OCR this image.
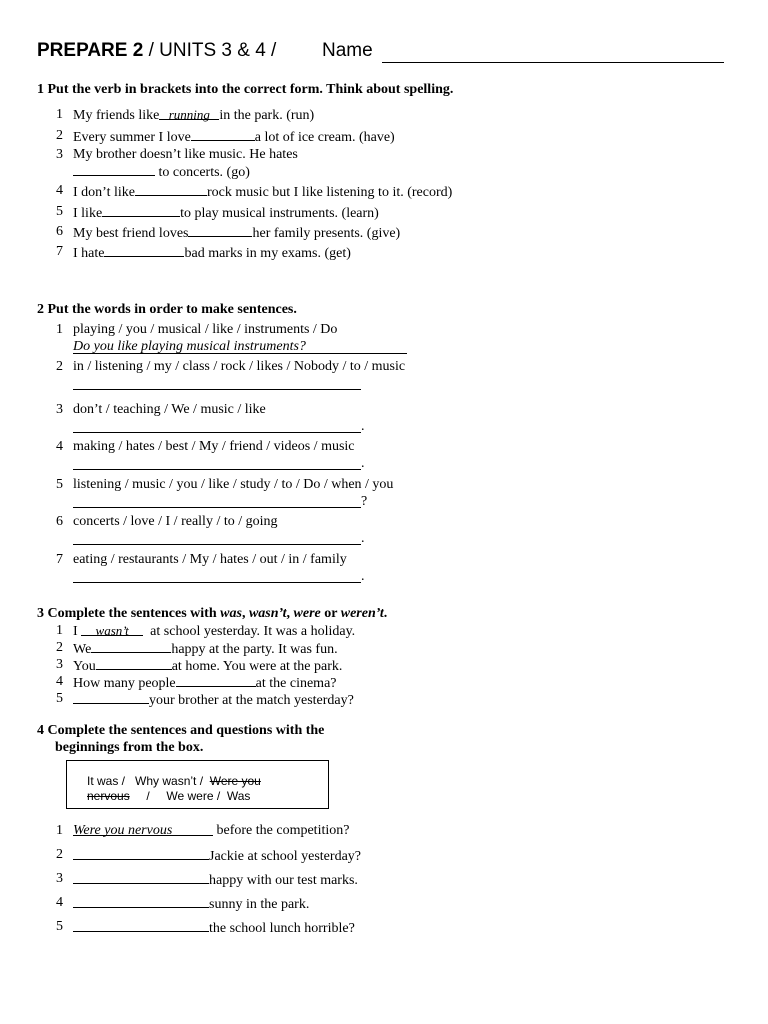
PREPARE 2 / UNITS 3 & 4 / Name
1 Put the verb in brackets into the correct form. Think about spelling.
1 My friends like running in the park. (run)
2 Every summer I love	a lot of ice cream. (have)
3 My brother doesn’t like music. He hates
to concerts. (go)
4 I don’t like	rock music but I like listening to it. (record)
5 I like	to play musical instruments. (learn)
6 My best friend loves	her family presents. (give)
7 I hate	bad marks in my exams. (get)
2 Put the words in order to make sentences.
1 playing / you / musical / like / instruments / Do
Do you like playing musical instruments?
2 in / listening / my / class / rock / likes / Nobody / to / music
3 don’t / teaching / We / music / like
.
4 making / hates / best / My / friend / videos / music
.
5 listening / music / you / like / study / to / Do / when / you
?
6 concerts / love / I / really / to / going
.
7 eating / restaurants / My / hates / out / in / family
.
3 Complete the sentences with was, wasn’t, were or weren’t.
1 I wasn’t at school yesterday. It was a holiday.
2 We	happy at the party. It was fun.
3 You	at home. You were at the park.
4 How many people	at the cinema?
5	your brother at the match yesterday?
4 Complete the sentences and questions with the
beginnings from the box.
It was / Why wasn’t / Were you
nervous / We were / Was
1 Were you nervous	before the competition?
2	Jackie at school yesterday?
3	happy with our test marks.
4	sunny in the park.
5	the school lunch horrible?
